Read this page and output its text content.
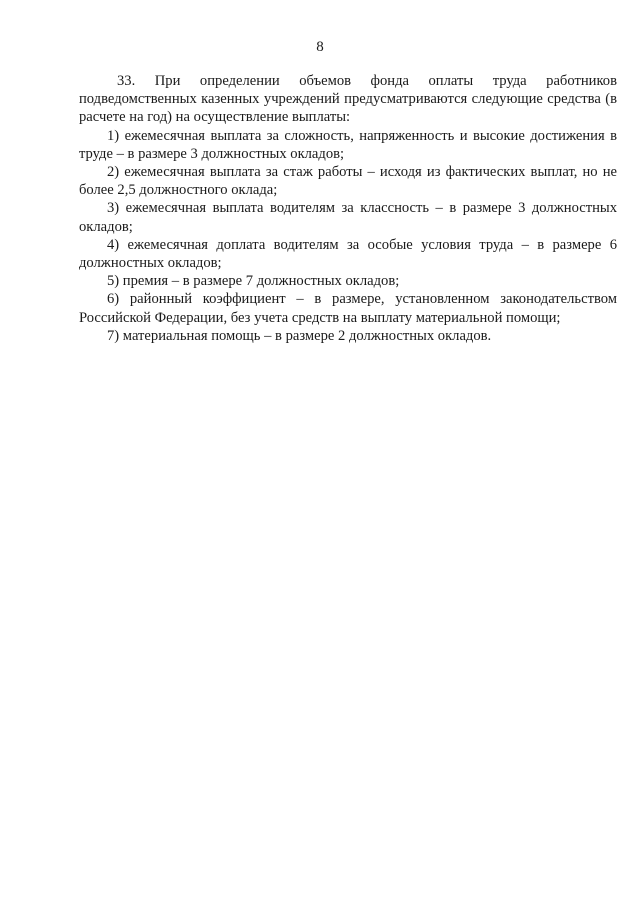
8

33. При определении объемов фонда оплаты труда работников подведомственных казенных учреждений предусматриваются следующие средства (в расчете на год) на осуществление выплаты:

1) ежемесячная выплата за сложность, напряженность и высокие достижения в труде – в размере 3 должностных окладов;

2) ежемесячная выплата за стаж работы – исходя из фактических выплат, но не более 2,5 должностного оклада;

3) ежемесячная выплата водителям за классность – в размере 3 должностных окладов;

4) ежемесячная доплата водителям за особые условия труда – в размере 6 должностных окладов;

5) премия – в размере 7 должностных окладов;

6) районный коэффициент – в размере, установленном законодательством Российской Федерации, без учета средств на выплату материальной помощи;

7) материальная помощь – в размере 2 должностных окладов.
